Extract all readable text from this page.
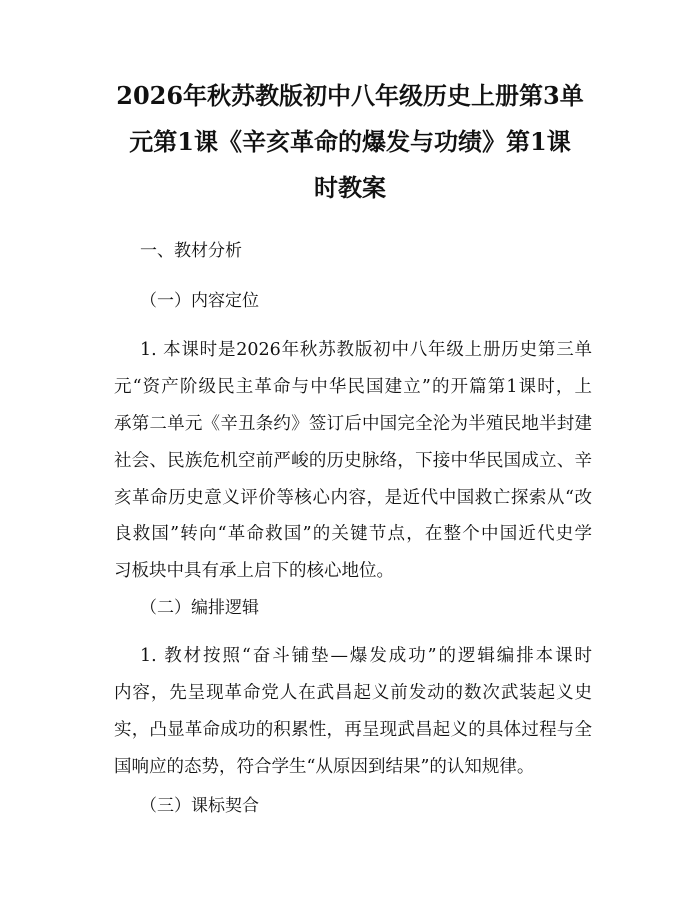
2026年秋苏教版初中八年级历史上册第3单
元第1课《辛亥革命的爆发与功绩》第1课
时教案
一、教材分析
（一）内容定位
1. 本课时是2026年秋苏教版初中八年级上册历史第三单
元“资产阶级民主革命与中华民国建立”的开篇第1课时，上
承第二单元《辛丑条约》签订后中国完全沦为半殖民地半封建
社会、民族危机空前严峻的历史脉络，下接中华民国成立、辛
亥革命历史意义评价等核心内容，是近代中国救亡探索从“改
良救国”转向“革命救国”的关键节点，在整个中国近代史学
习板块中具有承上启下的核心地位。
（二）编排逻辑
1. 教材按照“奋斗铺垫—爆发成功”的逻辑编排本课时
内容，先呈现革命党人在武昌起义前发动的数次武装起义史
实，凸显革命成功的积累性，再呈现武昌起义的具体过程与全
国响应的态势，符合学生“从原因到结果”的认知规律。
（三）课标契合
